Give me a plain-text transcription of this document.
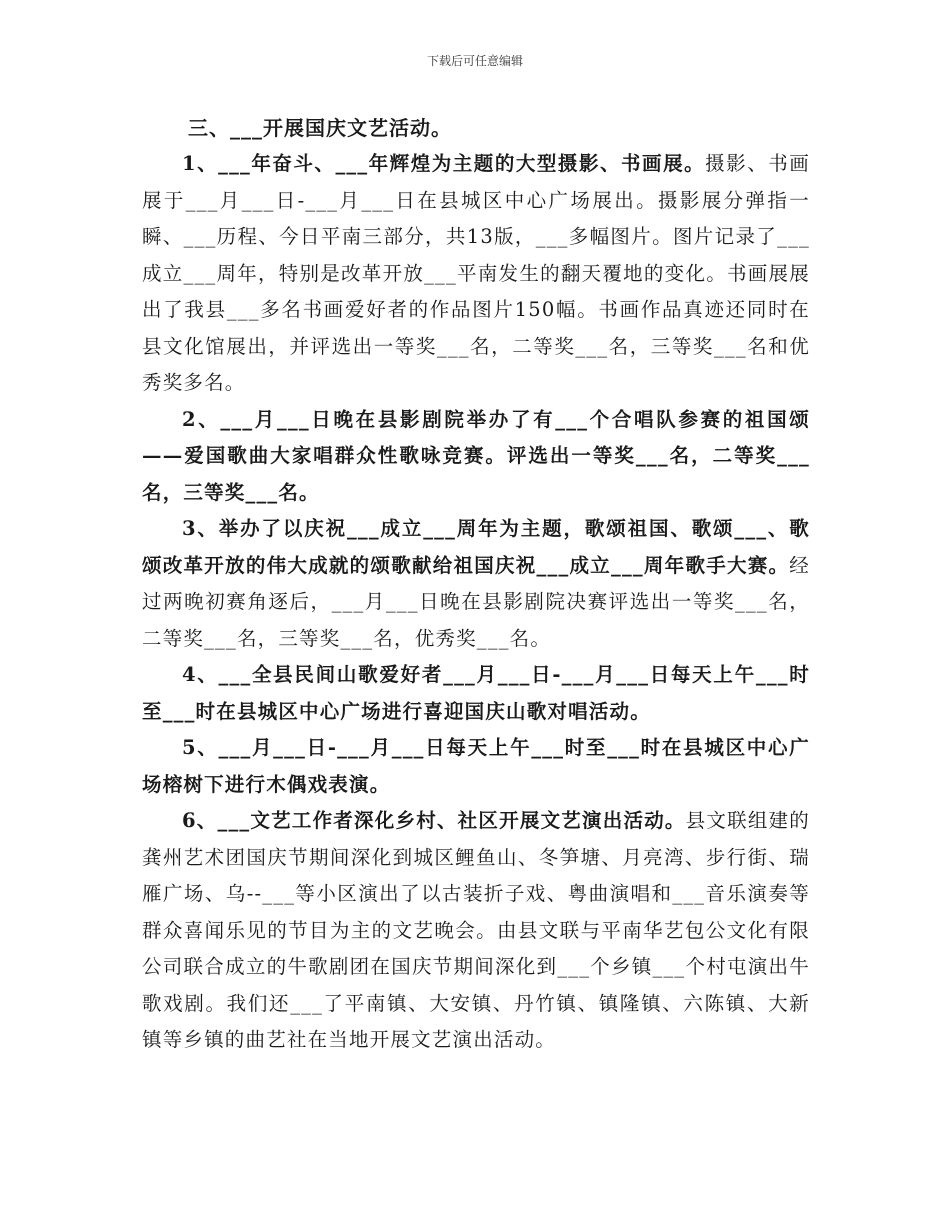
下载后可任意编辑

三、___开展国庆文艺活动。

1、___年奋斗、___年辉煌为主题的大型摄影、书画展。摄影、书画展于___月___日-___月___日在县城区中心广场展出。摄影展分弹指一瞬、___历程、今日平南三部分，共13版，___多幅图片。图片记录了___成立___周年，特别是改革开放___平南发生的翻天覆地的变化。书画展展出了我县___多名书画爱好者的作品图片150幅。书画作品真迹还同时在县文化馆展出，并评选出一等奖___名，二等奖___名，三等奖___名和优秀奖多名。

2、___月___日晚在县影剧院举办了有___个合唱队参赛的祖国颂——爱国歌曲大家唱群众性歌咏竞赛。评选出一等奖___名，二等奖___名，三等奖___名。

3、举办了以庆祝___成立___周年为主题，歌颂祖国、歌颂___、歌颂改革开放的伟大成就的颂歌献给祖国庆祝___成立___周年歌手大赛。经过两晚初赛角逐后，___月___日晚在县影剧院决赛评选出一等奖___名，二等奖___名，三等奖___名，优秀奖___名。

4、___全县民间山歌爱好者___月___日-___月___日每天上午___时至___时在县城区中心广场进行喜迎国庆山歌对唱活动。

5、___月___日-___月___日每天上午___时至___时在县城区中心广场榕树下进行木偶戏表演。

6、___文艺工作者深化乡村、社区开展文艺演出活动。县文联组建的龚州艺术团国庆节期间深化到城区鲤鱼山、冬笋塘、月亮湾、步行街、瑞雁广场、乌--___等小区演出了以古装折子戏、粤曲演唱和___音乐演奏等群众喜闻乐见的节目为主的文艺晚会。由县文联与平南华艺包公文化有限公司联合成立的牛歌剧团在国庆节期间深化到___个乡镇___个村屯演出牛歌戏剧。我们还___了平南镇、大安镇、丹竹镇、镇隆镇、六陈镇、大新镇等乡镇的曲艺社在当地开展文艺演出活动。
